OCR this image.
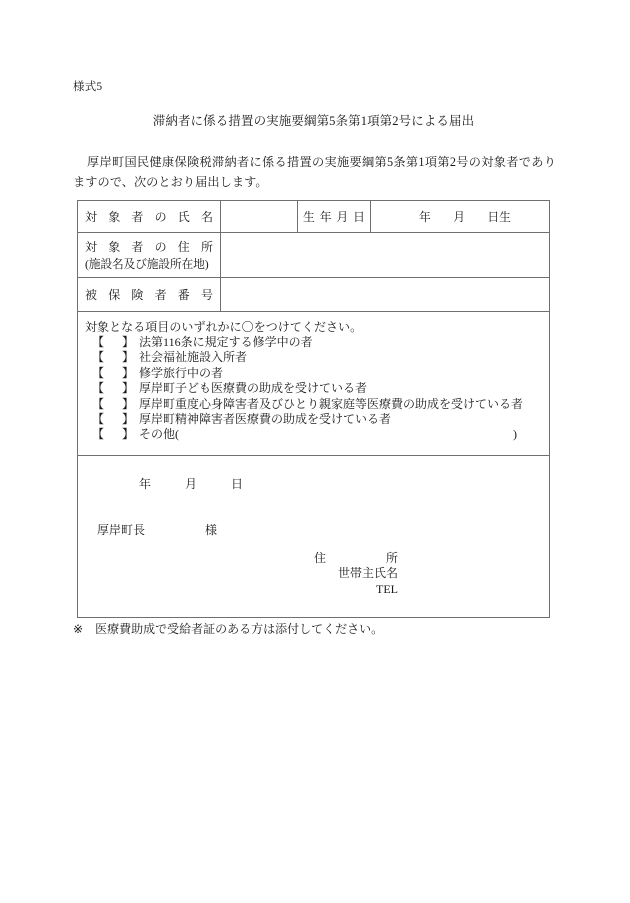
様式5
滞納者に係る措置の実施要綱第5条第1項第2号による届出
厚岸町国民健康保険税滞納者に係る措置の実施要綱第5条第1項第2号の対象者でありますので、次のとおり届出します。
対 象 者 の 氏 名	生 年 月 日	年 月 日生
対 象 者 の 住 所
(施設名及び施設所在地)
被 保 険 者 番 号
対象となる項目のいずれかに〇をつけてください。
【　】 法第116条に規定する修学中の者
【　】 社会福祉施設入所者
【　】 修学旅行中の者
【　】 厚岸町子ども医療費の助成を受けている者
【　】 厚岸町重度心身障害者及びひとり親家庭等医療費の助成を受けている者
【　】 厚岸町精神障害者医療費の助成を受けている者
【　】 その他(	)
年	月	日
厚岸町長	様
住	所
世帯主氏名
TEL
※ 医療費助成で受給者証のある方は添付してください。
